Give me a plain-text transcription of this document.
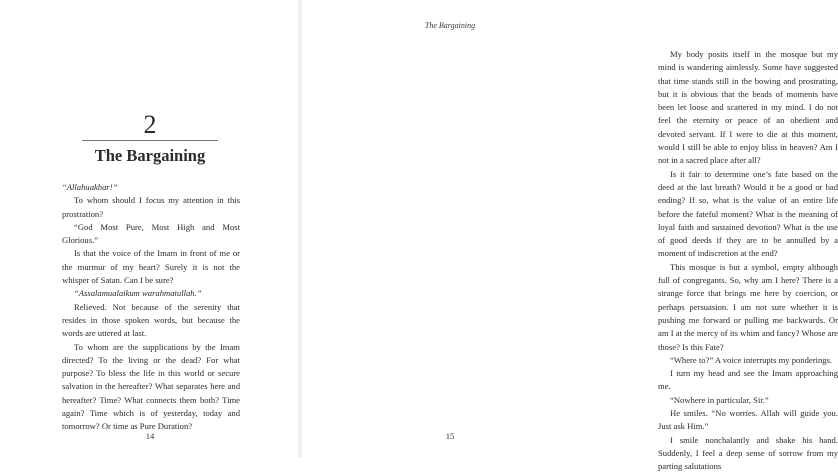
2
The Bargaining

“Allahuakbar!”

To whom should I focus my attention in this prostration?

“God Most Pure, Most High and Most Glorious.”

Is that the voice of the Imam in front of me or the murmur of my heart? Surely it is not the whisper of Satan. Can I be sure?

“Assalamualaikum warahmatullah.”

Relieved. Not because of the serenity that resides in those spoken words, but because the words are uttered at last.

To whom are the supplications by the Imam directed? To the living or the dead? For what purpose? To bless the life in this world or secure salvation in the hereafter? What separates here and hereafter? Time? What connects them both? Time again? Time which is of yesterday, today and tomorrow? Or time as Pure Duration?

14
The Bargaining

My body posits itself in the mosque but my mind is wandering aimlessly. Some have suggested that time stands still in the bowing and prostrating, but it is obvious that the beads of moments have been let loose and scattered in my mind. I do not feel the eternity or peace of an obedient and devoted servant. If I were to die at this moment, would I still be able to enjoy bliss in heaven? Am I not in a sacred place after all?

Is it fair to determine one’s fate based on the deed at the last breath? Would it be a good or bad ending? If so, what is the value of an entire life before the fateful moment? What is the meaning of loyal faith and sustained devotion? What is the use of good deeds if they are to be annulled by a moment of indiscretion at the end?

This mosque is but a symbol, empty although full of congregants. So, why am I here? There is a strange force that brings me here by coercion, or perhaps persuasion. I am not sure whether it is pushing me forward or pulling me backwards. Or am I at the mercy of its whim and fancy? Whose are those? Is this Fate?

“Where to?” A voice interrupts my ponderings.

I turn my head and see the Imam approaching me.

“Nowhere in particular, Sir.”

He smiles. “No worries. Allah will guide you. Just ask Him.”

I smile nonchalantly and shake his hand. Suddenly, I feel a deep sense of sorrow from my parting salutations

15
